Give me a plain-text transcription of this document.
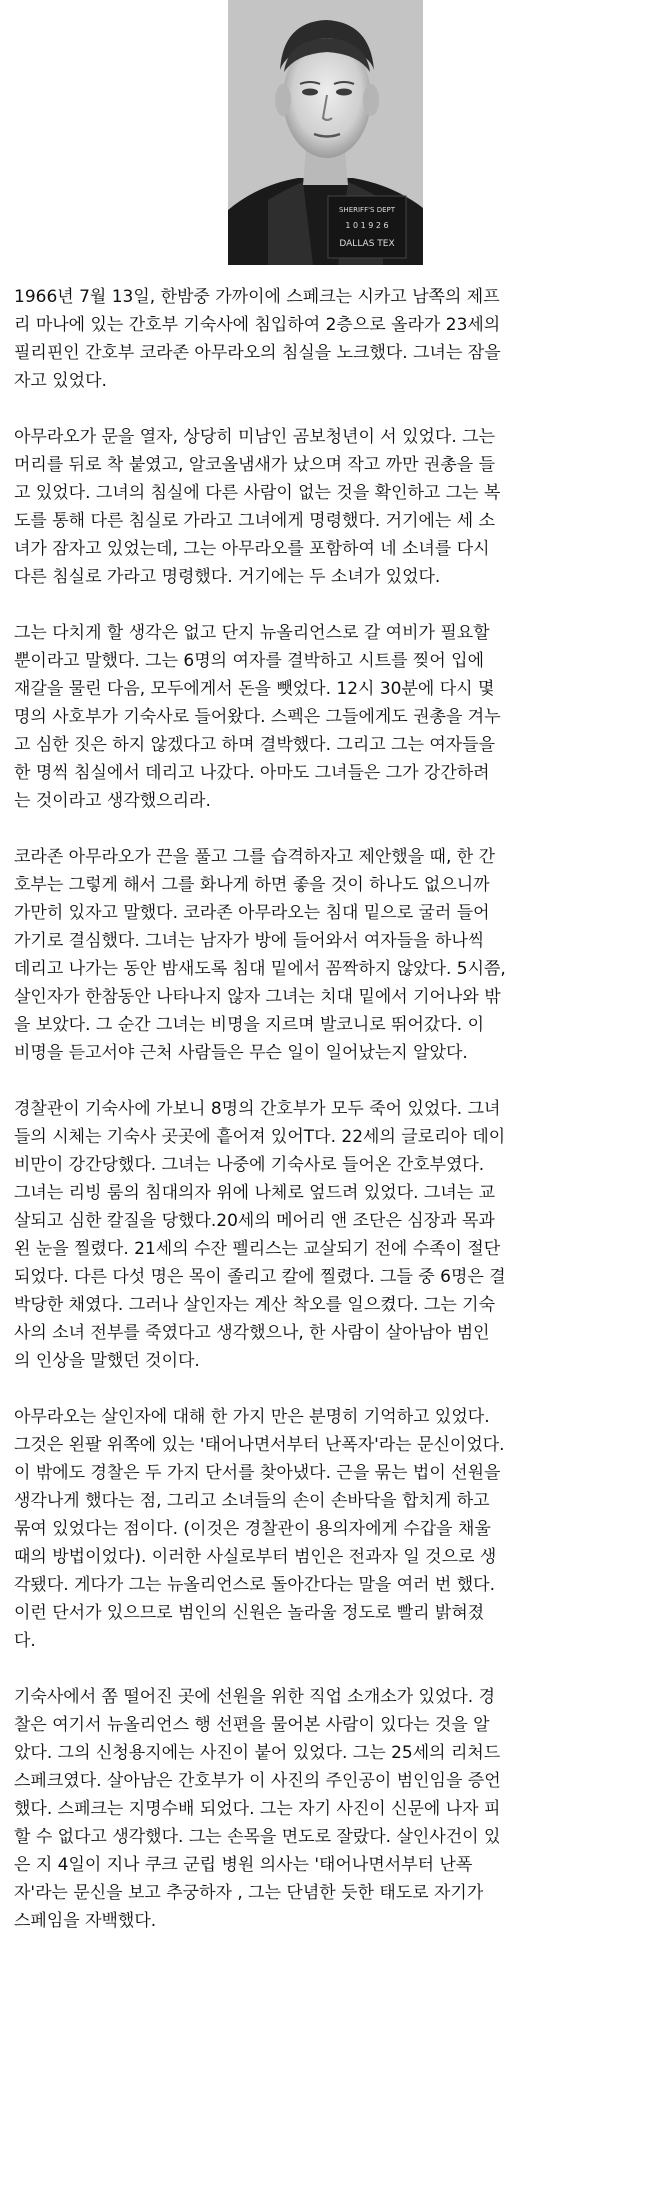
SHERIFF'S DEPT
1 0 1 9 2 6
DALLAS TEX

1966년 7월 13일, 한밤중 가까이에 스페크는 시카고 남쪽의 제프
리 마나에 있는 간호부 기숙사에 침입하여 2층으로 올라가 23세의
필리핀인 간호부 코라존 아무라오의 침실을 노크했다. 그녀는 잠을
자고 있었다.

아무라오가 문을 열자, 상당히 미남인 곰보청년이 서 있었다. 그는
머리를 뒤로 착 붙였고, 알코올냄새가 났으며 작고 까만 권총을 들
고 있었다. 그녀의 침실에 다른 사람이 없는 것을 확인하고 그는 복
도를 통해 다른 침실로 가라고 그녀에게 명령했다. 거기에는 세 소
녀가 잠자고 있었는데, 그는 아무라오를 포함하여 네 소녀를 다시
다른 침실로 가라고 명령했다. 거기에는 두 소녀가 있었다.

그는 다치게 할 생각은 없고 단지 뉴올리언스로 갈 여비가 필요할
뿐이라고 말했다. 그는 6명의 여자를 결박하고 시트를 찢어 입에
재갈을 물린 다음, 모두에게서 돈을 뺏었다. 12시 30분에 다시 몇
명의 사호부가 기숙사로 들어왔다. 스펙은 그들에게도 권총을 겨누
고 심한 짓은 하지 않겠다고 하며 결박했다. 그리고 그는 여자들을
한 명씩 침실에서 데리고 나갔다. 아마도 그녀들은 그가 강간하려
는 것이라고 생각했으리라.

코라존 아무라오가 끈을 풀고 그를 습격하자고 제안했을 때, 한 간
호부는 그렇게 해서 그를 화나게 하면 좋을 것이 하나도 없으니까
가만히 있자고 말했다. 코라존 아무라오는 침대 밑으로 굴러 들어
가기로 결심했다. 그녀는 남자가 방에 들어와서 여자들을 하나씩
데리고 나가는 동안 밤새도록 침대 밑에서 꼼짝하지 않았다. 5시쯤,
살인자가 한참동안 나타나지 않자 그녀는 치대 밑에서 기어나와 밖
을 보았다. 그 순간 그녀는 비명을 지르며 발코니로 뛰어갔다. 이
비명을 듣고서야 근처 사람들은 무슨 일이 일어났는지 알았다.

경찰관이 기숙사에 가보니 8명의 간호부가 모두 죽어 있었다. 그녀
들의 시체는 기숙사 곳곳에 흩어져 있어T다. 22세의 글로리아 데이
비만이 강간당했다. 그녀는 나중에 기숙사로 들어온 간호부였다.
그녀는 리빙 룸의 침대의자 위에 나체로 엎드려 있었다. 그녀는 교
살되고 심한 칼질을 당했다.20세의 메어리 앤 조단은 심장과 목과
왼 눈을 찔렸다. 21세의 수잔 펠리스는 교살되기 전에 수족이 절단
되었다. 다른 다섯 명은 목이 졸리고 칼에 찔렸다. 그들 중 6명은 결
박당한 채였다. 그러나 살인자는 계산 착오를 일으켰다. 그는 기숙
사의 소녀 전부를 죽였다고 생각했으나, 한 사람이 살아남아 범인
의 인상을 말했던 것이다.

아무라오는 살인자에 대해 한 가지 만은 분명히 기억하고 있었다.
그것은 왼팔 위쪽에 있는 '태어나면서부터 난폭자'라는 문신이었다.
이 밖에도 경찰은 두 가지 단서를 찾아냈다. 근을 묶는 법이 선원을
생각나게 했다는 점, 그리고 소녀들의 손이 손바닥을 합치게 하고
묶여 있었다는 점이다. (이것은 경찰관이 용의자에게 수갑을 채울
때의 방법이었다). 이러한 사실로부터 범인은 전과자 일 것으로 생
각됐다. 게다가 그는 뉴올리언스로 돌아간다는 말을 여러 번 했다.
이런 단서가 있으므로 범인의 신원은 놀라울 정도로 빨리 밝혀졌
다.

기숙사에서 쫌 떨어진 곳에 선원을 위한 직업 소개소가 있었다. 경
찰은 여기서 뉴올리언스 행 선편을 물어본 사람이 있다는 것을 알
았다. 그의 신청용지에는 사진이 붙어 있었다. 그는 25세의 리처드
스페크였다. 살아남은 간호부가 이 사진의 주인공이 범인임을 증언
했다. 스페크는 지명수배 되었다. 그는 자기 사진이 신문에 나자 피
할 수 없다고 생각했다. 그는 손목을 면도로 잘랐다. 살인사건이 있
은 지 4일이 지나 쿠크 군립 병원 의사는 '태어나면서부터 난폭
자'라는 문신을 보고 추궁하자 , 그는 단념한 듯한 태도로 자기가
스페임을 자백했다.
